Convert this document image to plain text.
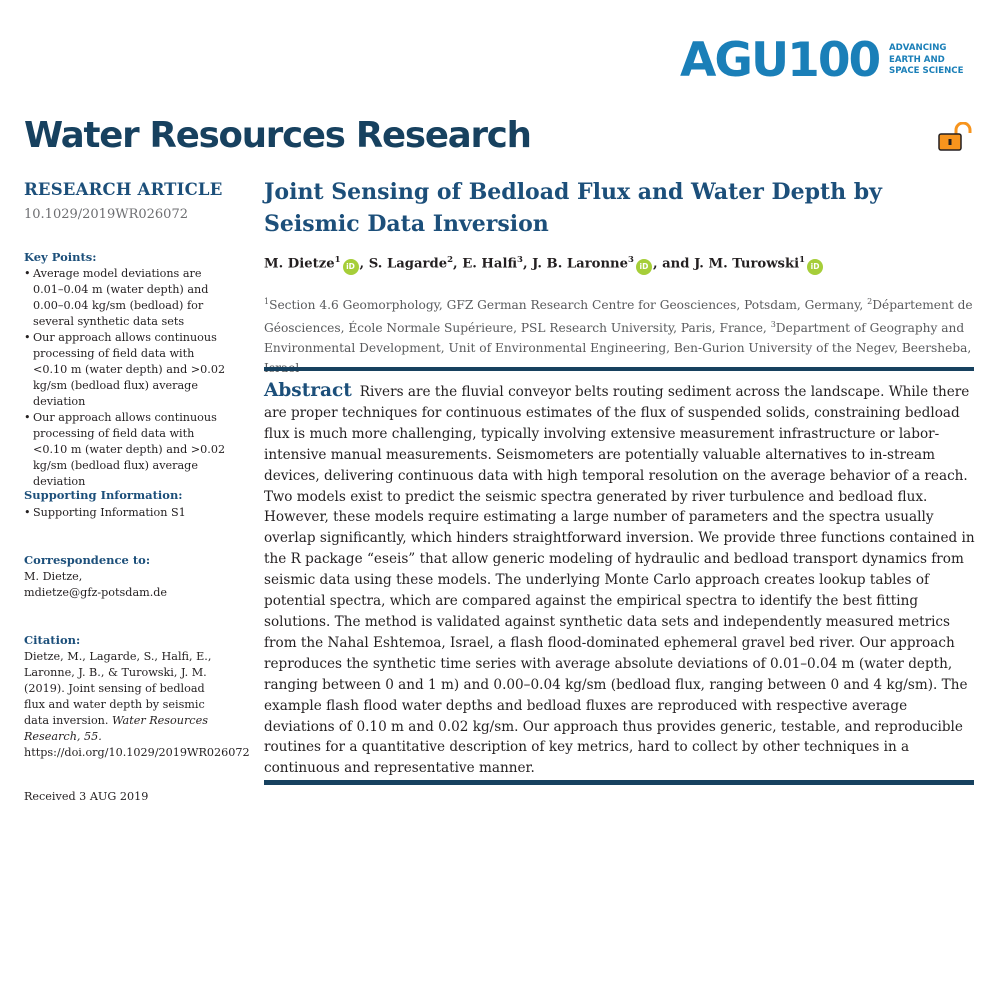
AGU100 ADVANCING
EARTH AND
SPACE SCIENCE
Water Resources Research
RESEARCH ARTICLE
10.1029/2019WR026072
Key Points:
• Average model deviations are 0.01–0.04 m (water depth) and 0.00–0.04 kg/sm (bedload) for several synthetic data sets
• Our approach allows continuous processing of field data with <0.10 m (water depth) and >0.02 kg/sm (bedload flux) average deviation
• Our approach allows continuous processing of field data with <0.10 m (water depth) and >0.02 kg/sm (bedload flux) average deviation
Supporting Information:
• Supporting Information S1
Correspondence to:
M. Dietze,
mdietze@gfz-potsdam.de
Citation:
Dietze, M., Lagarde, S., Halfi, E., Laronne, J. B., & Turowski, J. M. (2019). Joint sensing of bedload flux and water depth by seismic data inversion. Water Resources Research, 55. https://doi.org/10.1029/2019WR026072
Received 3 AUG 2019
Joint Sensing of Bedload Flux and Water Depth by Seismic Data Inversion
M. Dietze$^1$iD , S. Lagarde$^2$, E. Halfi$^3$, J. B. Laronne$^3$iD , and J. M. Turowski$^1$iD
$^1$Section 4.6 Geomorphology, GFZ German Research Centre for Geosciences, Potsdam, Germany, $^2$Département de Géosciences, École Normale Supérieure, PSL Research University, Paris, France, $^3$Department of Geography and Environmental Development, Unit of Environmental Engineering, Ben-Gurion University of the Negev, Beersheba,
Abstract Rivers are the fluvial conveyor belts routing sediment across the landscape. While there are proper techniques for continuous estimates of the flux of suspended solids, constraining bedload flux is much more challenging, typically involving extensive measurement infrastructure or labor-intensive manual measurements. Seismometers are potentially valuable alternatives to in-stream devices, delivering continuous data with high temporal resolution on the average behavior of a reach. Two models exist to predict the seismic spectra generated by river turbulence and bedload flux. However, these models require estimating a large number of parameters and the spectra usually overlap significantly, which hinders straightforward inversion. We provide three functions contained in the R package “eseis” that allow generic modeling of hydraulic and bedload transport dynamics from seismic data using these models. The underlying Monte Carlo approach creates lookup tables of potential spectra, which are compared against the empirical spectra to identify the best fitting solutions. The method is validated against synthetic data sets and independently measured metrics from the Nahal Eshtemoa, Israel, a flash flood-dominated ephemeral gravel bed river. Our approach reproduces the synthetic time series with average absolute deviations of 0.01–0.04 m (water depth, ranging between 0 and 1 m) and 0.00–0.04 kg/sm (bedload flux, ranging between 0 and 4 kg/sm). The example flash flood water depths and bedload fluxes are reproduced with respective average deviations of 0.10 m and 0.02 kg/sm. Our approach thus provides generic, testable, and reproducible routines for a quantitative description of key metrics, hard to collect by other techniques in a continuous and representative manner.
